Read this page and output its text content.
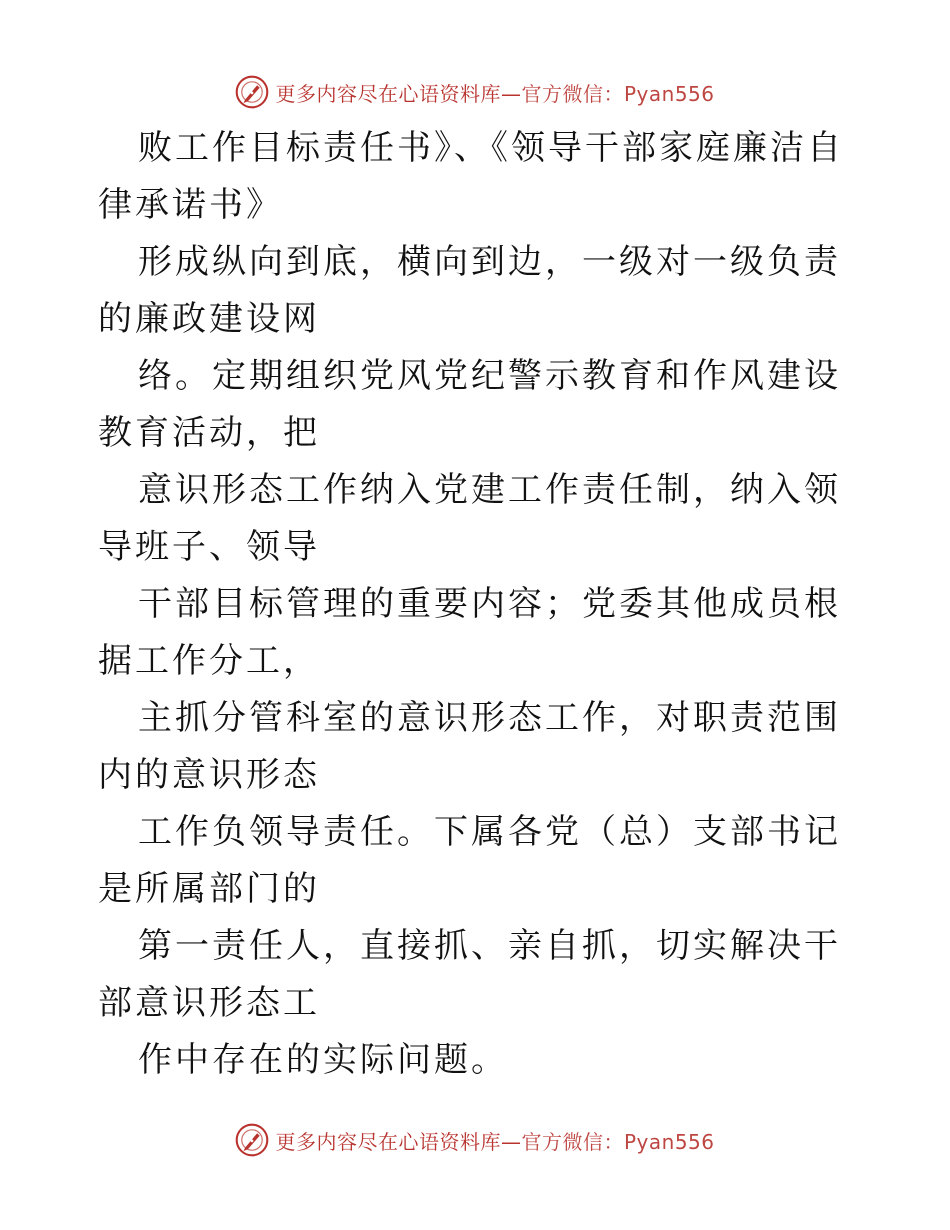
更多内容尽在心语资料库—官方微信：Pyan556

败工作目标责任书》、《领导干部家庭廉洁自律承诺书》

形成纵向到底，横向到边，一级对一级负责的廉政建设网

络。定期组织党风党纪警示教育和作风建设教育活动，把

意识形态工作纳入党建工作责任制，纳入领导班子、领导

干部目标管理的重要内容；党委其他成员根据工作分工，

主抓分管科室的意识形态工作，对职责范围内的意识形态

工作负领导责任。下属各党（总）支部书记是所属部门的

第一责任人，直接抓、亲自抓，切实解决干部意识形态工

作中存在的实际问题。

更多内容尽在心语资料库—官方微信：Pyan556
